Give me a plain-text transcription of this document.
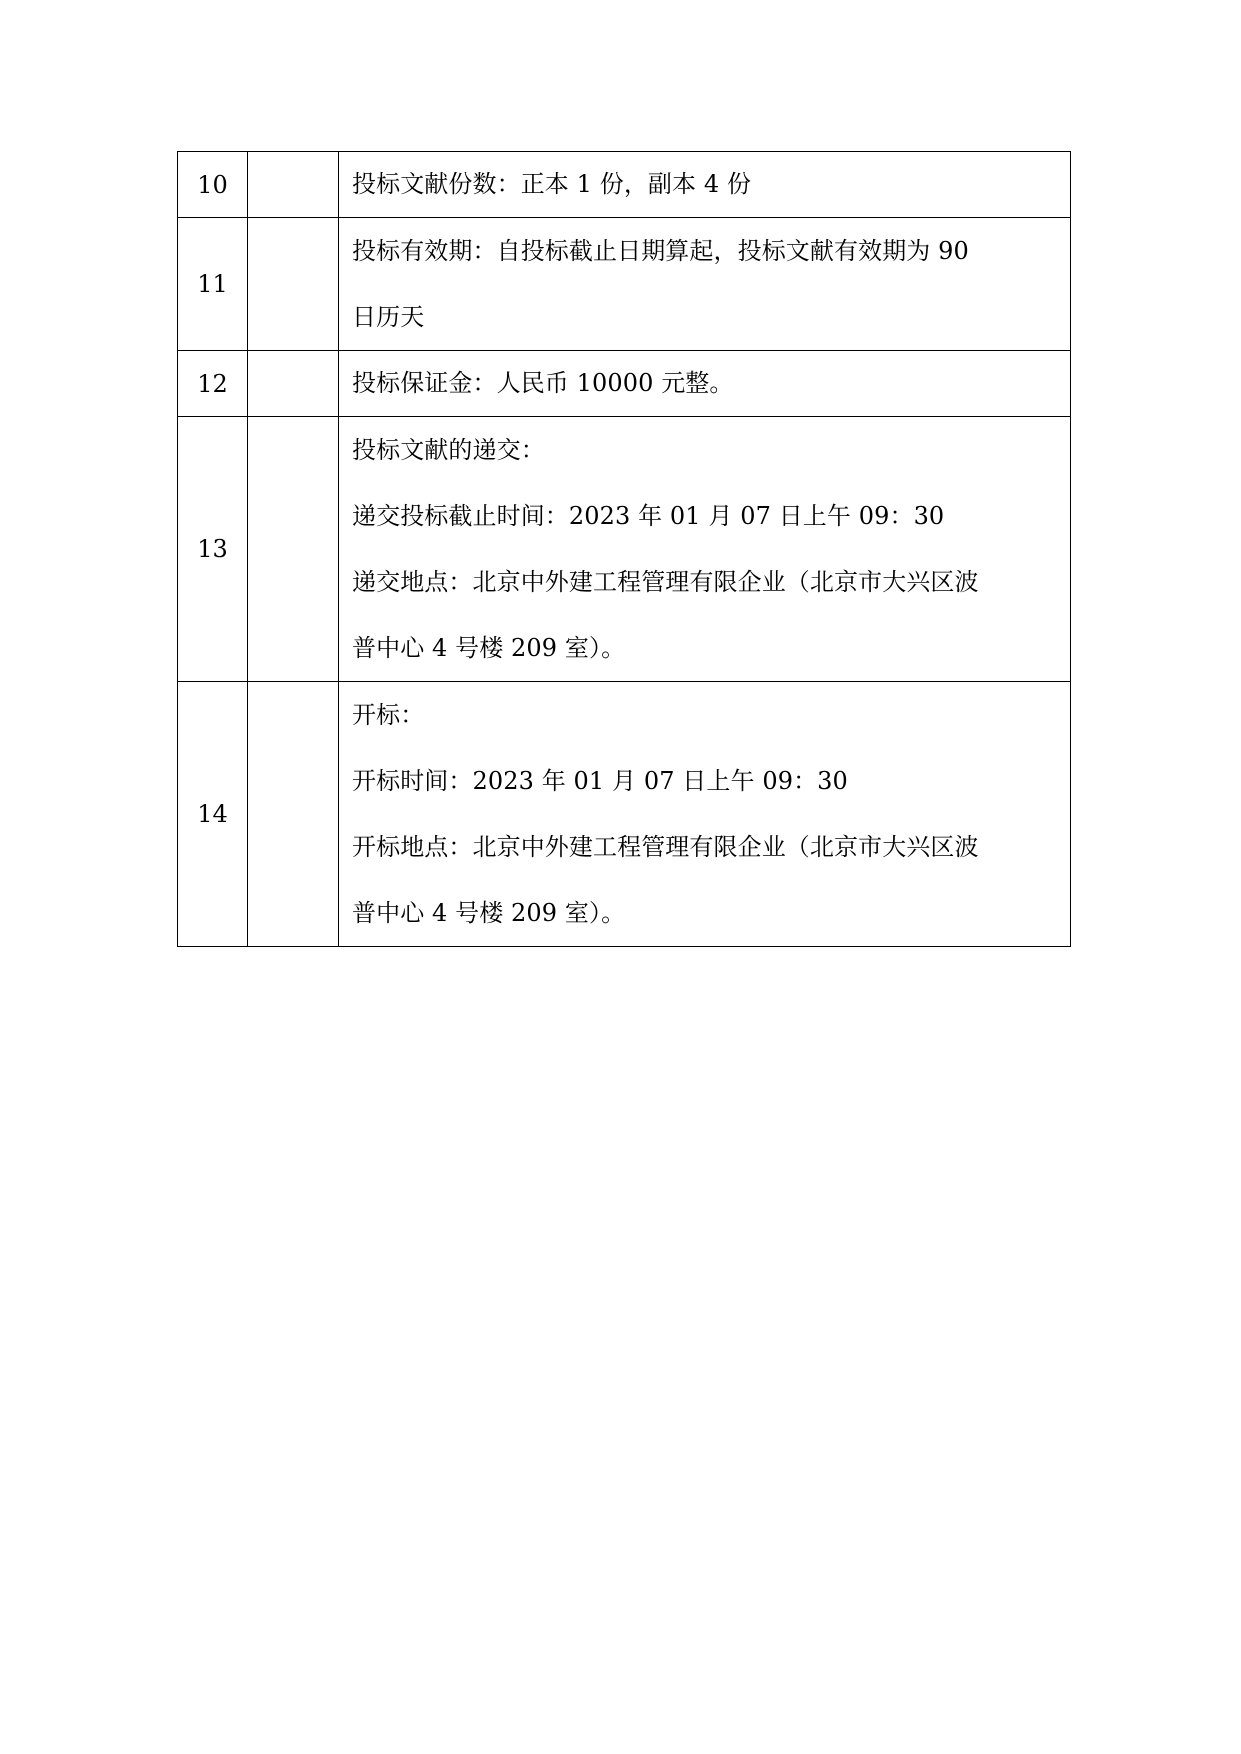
10		投标文献份数：正本 1 份，副本 4 份

11		投标有效期：自投标截止日期算起，投标文献有效期为 90
日历天

12		投标保证金：人民币 10000 元整。

13		投标文献的递交：
递交投标截止时间：2023 年 01 月 07 日上午 09：30
递交地点：北京中外建工程管理有限企业（北京市大兴区波
普中心 4 号楼 209 室）。

14		开标：
开标时间：2023 年 01 月 07 日上午 09：30
开标地点：北京中外建工程管理有限企业（北京市大兴区波
普中心 4 号楼 209 室）。
